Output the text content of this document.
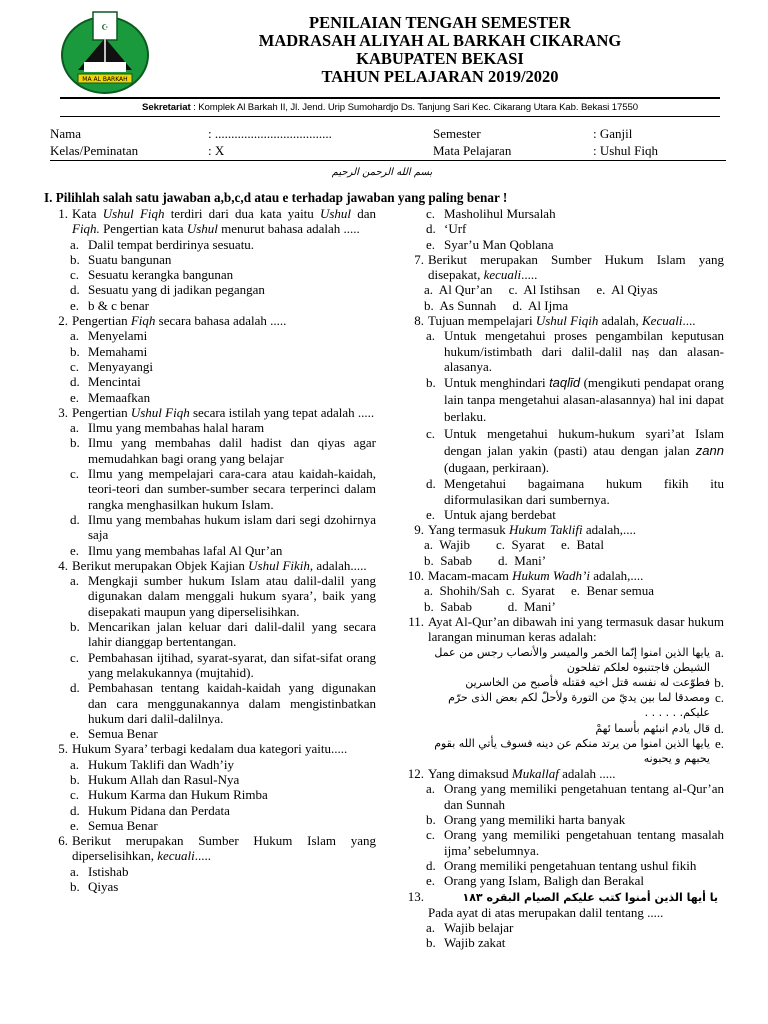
☪
MA AL BARKAH
PENILAIAN TENGAH SEMESTER
MADRASAH ALIYAH AL BARKAH CIKARANG
KABUPATEN BEKASI
TAHUN PELAJARAN 2019/2020
Sekretariat : Komplek Al Barkah II, Jl. Jend. Urip Sumohardjo Ds. Tanjung Sari Kec. Cikarang Utara Kab. Bekasi 17550
Nama	: ....................................	Semester	: Ganjil
Kelas/Peminatan	: X	Mata Pelajaran	: Ushul Fiqh
بسم الله الرحمن الرحيم
I. Pilihlah salah satu jawaban a,b,c,d atau e terhadap jawaban yang paling benar !
1. Kata Ushul Fiqh terdiri dari dua kata yaitu Ushul dan Fiqh. Pengertian kata Ushul menurut bahasa adalah .....
a. Dalil tempat berdirinya sesuatu.
b. Suatu bangunan
c. Sesuatu kerangka bangunan
d. Sesuatu yang di jadikan pegangan
e. b & c benar
2. Pengertian Fiqh secara bahasa adalah .....
a. Menyelami
b. Memahami
c. Menyayangi
d. Mencintai
e. Memaafkan
3. Pengertian Ushul Fiqh secara istilah yang tepat adalah .....
a. Ilmu yang membahas halal haram
b. Ilmu yang membahas dalil hadist dan qiyas agar memudahkan bagi orang yang belajar
c. Ilmu yang mempelajari cara-cara atau kaidah-kaidah, teori-teori dan sumber-sumber secara terperinci dalam rangka menghasilkan hukum Islam.
d. Ilmu yang membahas hukum islam dari segi dzohirnya saja
e. Ilmu yang membahas lafal Al Qur’an
4. Berikut merupakan Objek Kajian Ushul Fikih, adalah.....
a. Mengkaji sumber hukum Islam atau dalil-dalil yang digunakan dalam menggali hukum syara’, baik yang disepakati maupun yang diperselisihkan.
b. Mencarikan jalan keluar dari dalil-dalil yang secara lahir dianggap bertentangan.
c. Pembahasan ijtihad, syarat-syarat, dan sifat-sifat orang yang melakukannya (mujtahid).
d. Pembahasan tentang kaidah-kaidah yang digunakan dan cara menggunakannya dalam mengistinbatkan hukum dari dalil-dalilnya.
e. Semua Benar
5. Hukum Syara’ terbagi kedalam dua kategori yaitu.....
a. Hukum Taklifi dan Wadh’iy
b. Hukum Allah dan Rasul-Nya
c. Hukum Karma dan Hukum Rimba
d. Hukum Pidana dan Perdata
e. Semua Benar
6. Berikut merupakan Sumber Hukum Islam yang diperselisihkan, kecuali.....
a. Istishab
b. Qiyas
c. Masholihul Mursalah
d. ‘Urf
e. Syar’u Man Qoblana
7. Berikut merupakan Sumber Hukum Islam yang disepakat, kecuali.....
a.  Al Qur’an     c.  Al Istihsan     e.  Al Qiyas
b.  As Sunnah     d.  Al Ijma
8. Tujuan mempelajari Ushul Fiqih adalah, Kecuali....
a. Untuk mengetahui proses pengambilan keputusan hukum/istimbath dari dalil-dalil naṣ dan alasan-alasanya.
b. Untuk menghindari taqlīd (mengikuti pendapat orang lain tanpa mengetahui alasan-alasannya) hal ini dapat berlaku.
c. Untuk mengetahui hukum-hukum syari’at Islam dengan jalan yakin (pasti) atau dengan jalan zann (dugaan, perkiraan).
d. Mengetahui bagaimana hukum fikih itu diformulasikan dari sumbernya.
e. Untuk ajang berdebat
9. Yang termasuk Hukum Taklifi adalah,....
a.  Wajib        c.  Syarat     e.  Batal
b.  Sabab        d.  Mani’
10. Macam-macam Hukum Wadh’i adalah,....
a.  Shohih/Sah  c.  Syarat     e.  Benar semua
b.  Sabab           d.  Mani’
11. Ayat Al-Qur’an dibawah ini yang termasuk dasar hukum larangan minuman keras adalah:
.a
يايها الذين امنوا إنّما الخمر والميسر والأنصاب رجس من عمل الشيطن فاجتنبوه لعلكم تفلحون
.b
فطوّعت له نفسه قتل اخيه فقتله فأصبح من الخاسرين
.c
ومصدقا لما بين يديّ من التورة ولأحلّ لكم بعض الذى حرّم عليكم. . . . . .
.d
قال يادم انبئهم بأسما ئهمْ
.e
يايها الذين امنوا من يرتد منكم عن دينه فسوف يأتي الله بقوم يحبهم و يحبونه
12. Yang dimaksud Mukallaf adalah .....
a. Orang yang memiliki pengetahuan tentang al-Qur’an dan Sunnah
b. Orang yang memiliki harta banyak
c. Orang yang memiliki pengetahuan tentang masalah ijma’ sebelumnya.
d. Orang memiliki pengetahuan tentang ushul fikih
e. Orang yang Islam, Baligh dan Berakal
13.	يا أيها الذين أمنوا كتب عليكم الصيام البقره ١٨٣
Pada ayat di atas merupakan dalil tentang .....
a. Wajib belajar
b. Wajib zakat
